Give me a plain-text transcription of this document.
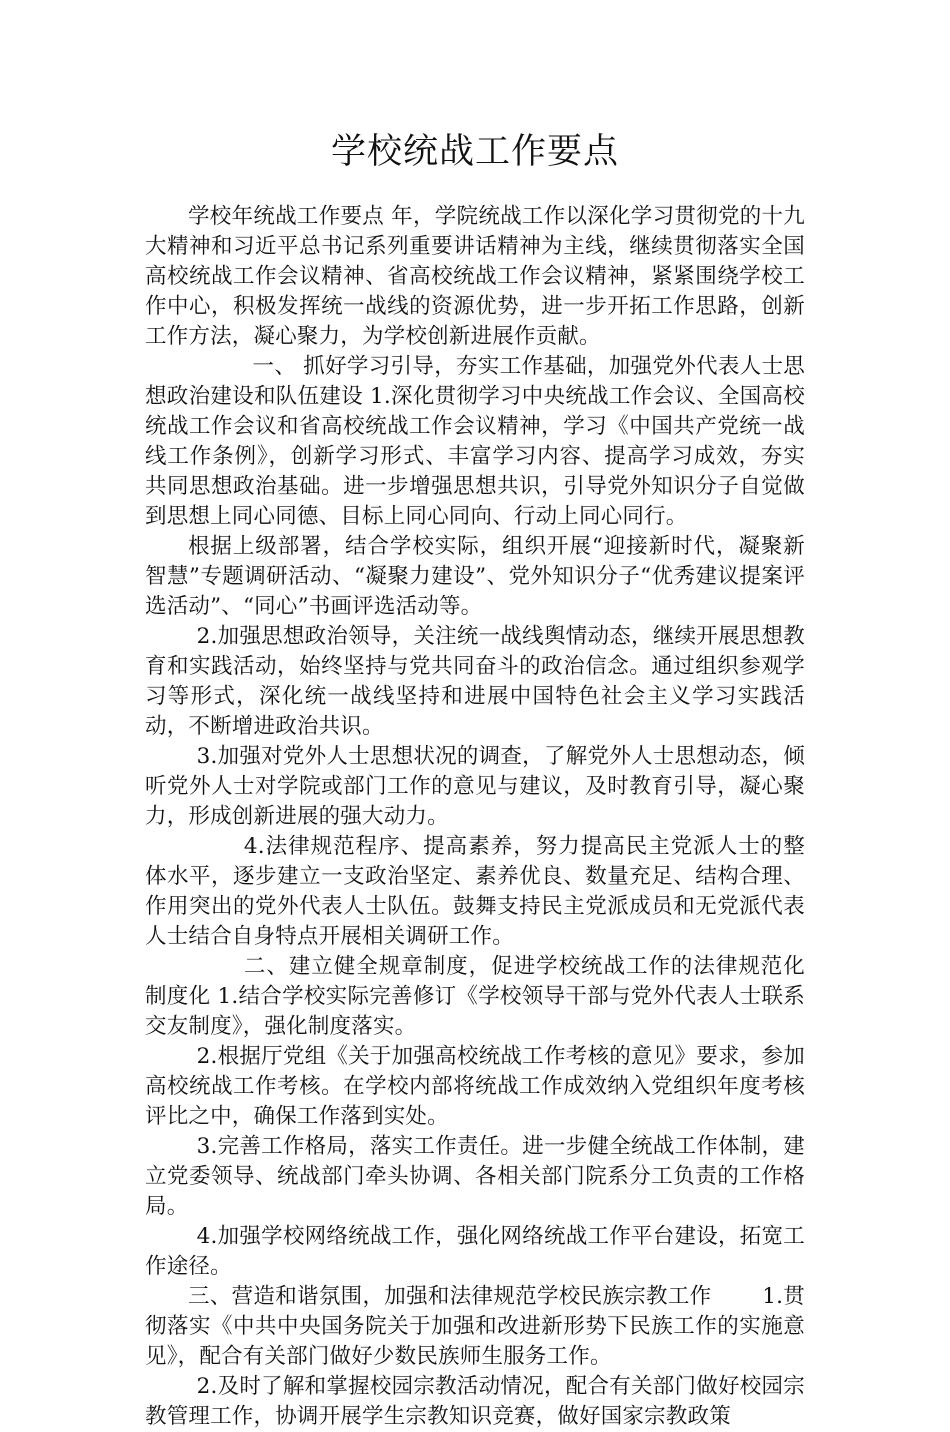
学校统战工作要点

学校年统战工作要点 年，学院统战工作以深化学习贯彻党的十九大精神和习近平总书记系列重要讲话精神为主线，继续贯彻落实全国高校统战工作会议精神、省高校统战工作会议精神，紧紧围绕学校工作中心，积极发挥统一战线的资源优势，进一步开拓工作思路，创新工作方法，凝心聚力，为学校创新进展作贡献。

一、 抓好学习引导，夯实工作基础，加强党外代表人士思想政治建设和队伍建设 1.深化贯彻学习中央统战工作会议、全国高校统战工作会议和省高校统战工作会议精神，学习《中国共产党统一战线工作条例》，创新学习形式、丰富学习内容、提高学习成效，夯实共同思想政治基础。进一步增强思想共识，引导党外知识分子自觉做到思想上同心同德、目标上同心同向、行动上同心同行。

根据上级部署，结合学校实际，组织开展“迎接新时代，凝聚新智慧”专题调研活动、“凝聚力建设”、党外知识分子“优秀建议提案评选活动”、“同心”书画评选活动等。

2.加强思想政治领导，关注统一战线舆情动态，继续开展思想教育和实践活动，始终坚持与党共同奋斗的政治信念。通过组织参观学习等形式，深化统一战线坚持和进展中国特色社会主义学习实践活动，不断增进政治共识。

3.加强对党外人士思想状况的调查，了解党外人士思想动态，倾听党外人士对学院或部门工作的意见与建议，及时教育引导，凝心聚力，形成创新进展的强大动力。

4.法律规范程序、提高素养，努力提高民主党派人士的整体水平，逐步建立一支政治坚定、素养优良、数量充足、结构合理、作用突出的党外代表人士队伍。鼓舞支持民主党派成员和无党派代表人士结合自身特点开展相关调研工作。

二、建立健全规章制度，促进学校统战工作的法律规范化制度化 1.结合学校实际完善修订《学校领导干部与党外代表人士联系交友制度》，强化制度落实。

2.根据厅党组《关于加强高校统战工作考核的意见》要求，参加高校统战工作考核。在学校内部将统战工作成效纳入党组织年度考核评比之中，确保工作落到实处。

3.完善工作格局，落实工作责任。进一步健全统战工作体制，建立党委领导、统战部门牵头协调、各相关部门院系分工负责的工作格局。

4.加强学校网络统战工作，强化网络统战工作平台建设，拓宽工作途径。

三、营造和谐氛围，加强和法律规范学校民族宗教工作　　 1.贯彻落实《中共中央国务院关于加强和改进新形势下民族工作的实施意见》，配合有关部门做好少数民族师生服务工作。

2.及时了解和掌握校园宗教活动情况，配合有关部门做好校园宗教管理工作，协调开展学生宗教知识竞赛，做好国家宗教政策
